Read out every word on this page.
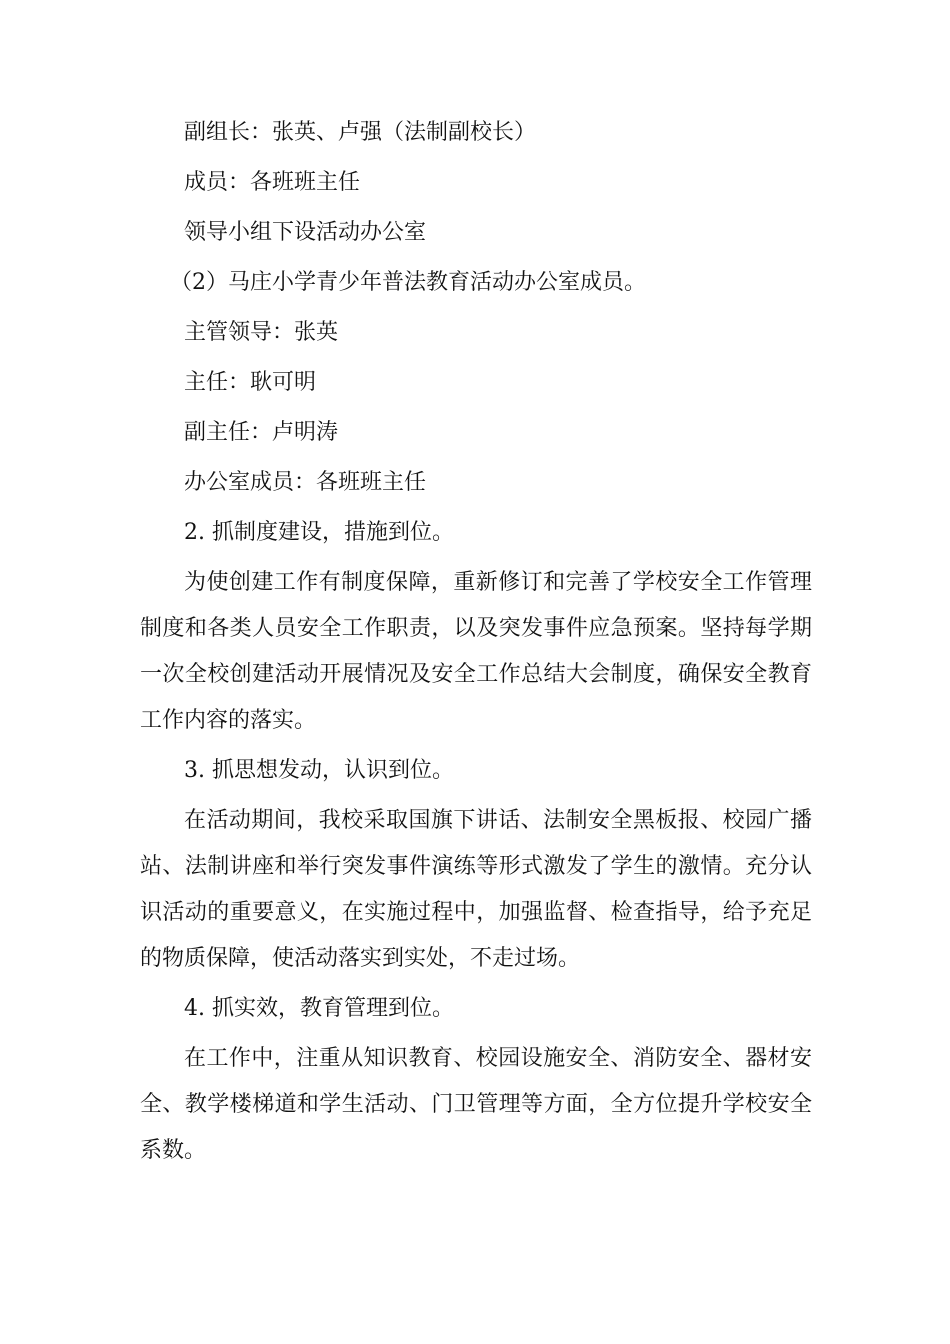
副组长：张英、卢强（法制副校长）

成员：各班班主任

领导小组下设活动办公室

（2）马庄小学青少年普法教育活动办公室成员。

主管领导：张英

主任：耿可明

副主任：卢明涛

办公室成员：各班班主任

2. 抓制度建设，措施到位。

为使创建工作有制度保障，重新修订和完善了学校安全工作管理制度和各类人员安全工作职责，以及突发事件应急预案。坚持每学期一次全校创建活动开展情况及安全工作总结大会制度，确保安全教育工作内容的落实。

3. 抓思想发动，认识到位。

在活动期间，我校采取国旗下讲话、法制安全黑板报、校园广播站、法制讲座和举行突发事件演练等形式激发了学生的激情。充分认识活动的重要意义，在实施过程中，加强监督、检查指导，给予充足的物质保障，使活动落实到实处，不走过场。

4. 抓实效，教育管理到位。

在工作中，注重从知识教育、校园设施安全、消防安全、器材安全、教学楼梯道和学生活动、门卫管理等方面，全方位提升学校安全系数。
